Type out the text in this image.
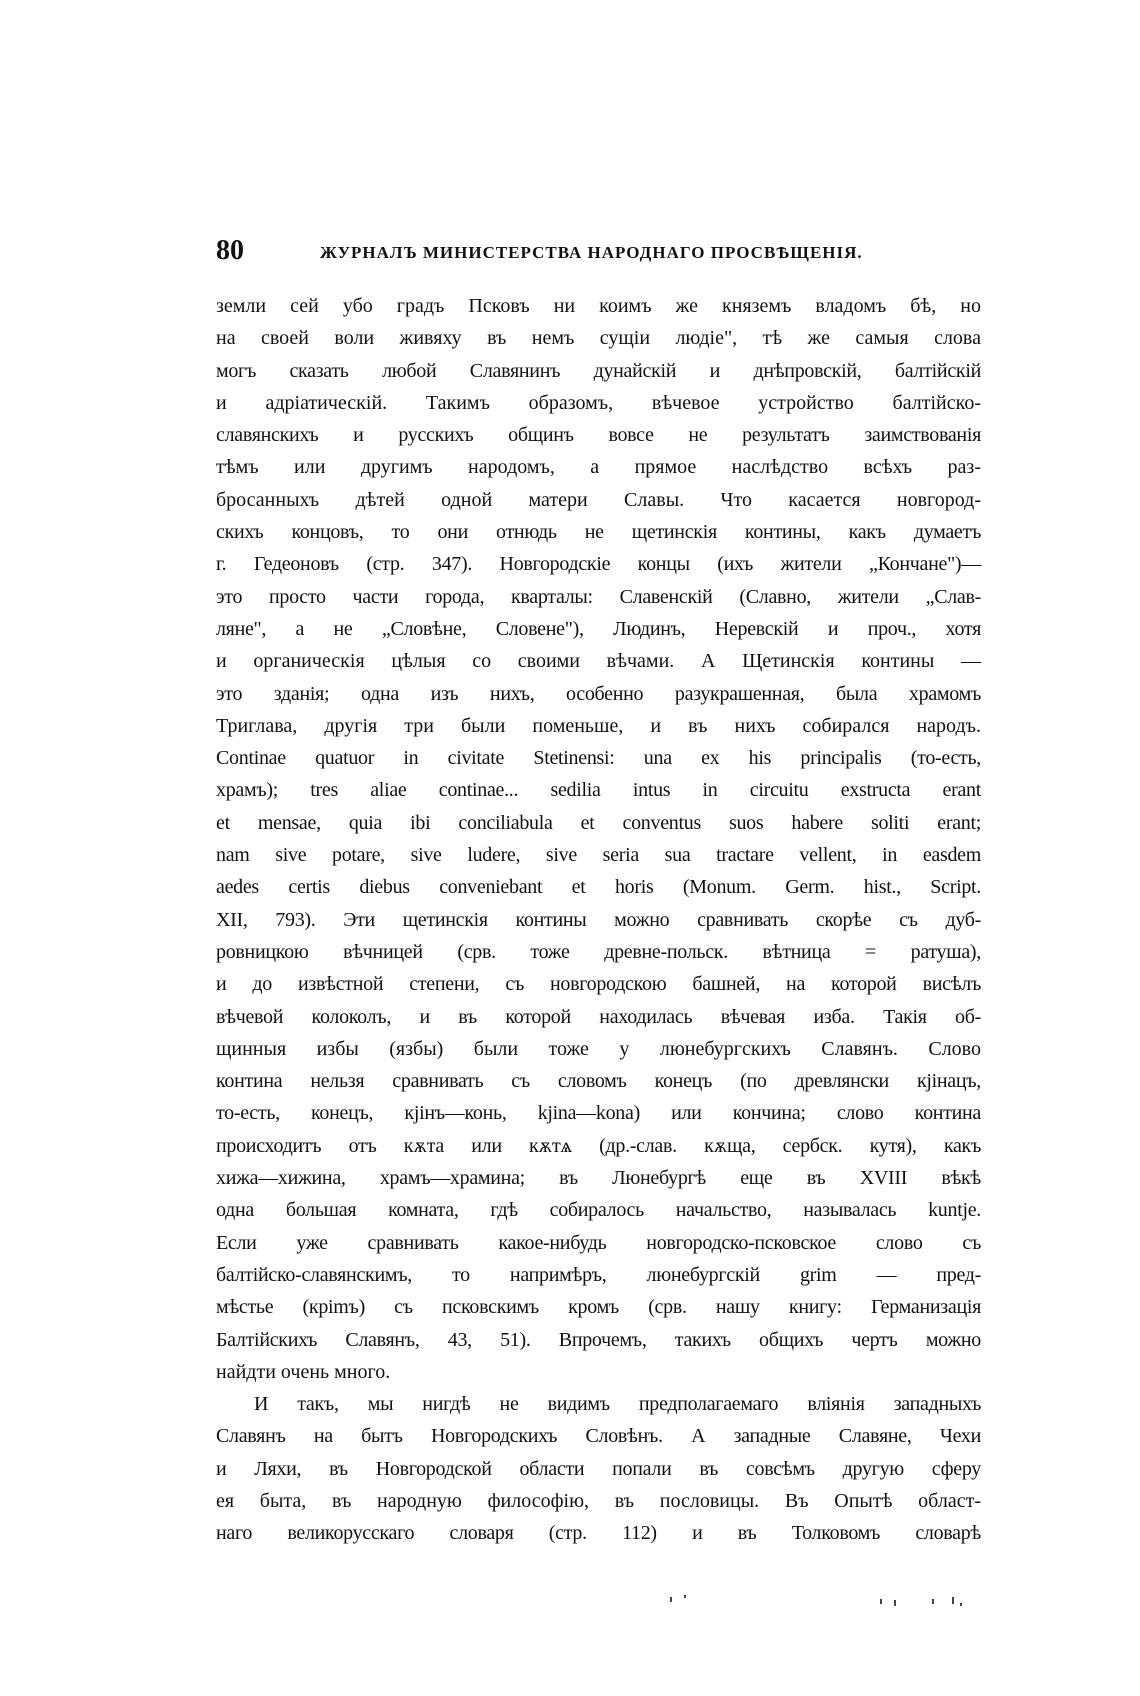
80	ЖУРНАЛЪ МИНИСТЕРСТВА НАРОДНАГО ПРОСВѢЩЕНІЯ.

земли сей убо градъ Псковъ ни коимъ же княземъ владомъ бѣ, но

на своей воли живяху въ немъ сущіи людіе", тѣ же самыя слова

могъ сказать любой Славянинъ дунайскій и днѣпровскій, балтійскій

и адріатическій. Такимъ образомъ, вѣчевое устройство балтійско-

славянскихъ и русскихъ общинъ вовсе не результатъ заимствованія

тѣмъ или другимъ народомъ, а прямое наслѣдство всѣхъ раз-

бросанныхъ дѣтей одной матери Славы. Что касается новгород-

скихъ концовъ, то они отнюдь не щетинскія контины, какъ думаетъ

г. Гедеоновъ (стр. 347). Новгородскіе концы (ихъ жители „Кончане")—

это просто части города, кварталы: Славенскій (Славно, жители „Слав-

ляне", а не „Словѣне, Словене"), Людинъ, Неревскій и проч., хотя

и органическія цѣлыя со своими вѣчами. А Щетинскія контины —

это зданія; одна изъ нихъ, особенно разукрашенная, была храмомъ

Триглава, другія три были поменьше, и въ нихъ собирался народъ.

Continae quatuor in civitate Stetinensi: una ex his principalis (то-есть,

храмъ); tres aliae continae... sedilia intus in circuitu exstructa erant

et mensae, quia ibi conciliabula et conventus suos habere soliti erant;

nam sive potare, sive ludere, sive seria sua tractare vellent, in easdem

aedes certis diebus conveniebant et horis (Monum. Germ. hist., Script.

XII, 793). Эти щетинскія контины можно сравнивать скорѣе съ дуб-

ровницкою вѣчницей (срв. тоже древне-польск. вѣтница = ратуша),

и до извѣстной степени, съ новгородскою башней, на которой висѣлъ

вѣчевой колоколъ, и въ которой находилась вѣчевая изба. Такія об-

щинныя избы (язбы) были тоже у люнебургскихъ Славянъ. Слово

контина нельзя сравнивать съ словомъ конецъ (по древлянски кјінацъ,

то-есть, конецъ, кјінъ—конь, kjina—kona) или кончина; слово контина

происходитъ отъ кѫта или кѫтѧ (др.-слав. кѫщa, сербск. кутя), какъ

хижа—хижина, храмъ—храмина; въ Люнебургѣ еще въ XVIII вѣкѣ

одна большая комната, гдѣ собиралось начальство, называлась kuntje.

Если уже сравнивать какое-нибудь новгородско-псковское слово съ

балтійско-славянскимъ, то напримѣръ, люнебургскій grim — пред-

мѣстье (кріmъ) съ псковскимъ кромъ (срв. нашу книгу: Германизація

Балтійскихъ Славянъ, 43, 51). Впрочемъ, такихъ общихъ чертъ можно

найдти очень много.

И такъ, мы нигдѣ не видимъ предполагаемаго вліянія западныхъ

Славянъ на бытъ Новгородскихъ Словѣнъ. А западные Славяне, Чехи

и Ляхи, въ Новгородской области попали въ совсѣмъ другую сферу

ея быта, въ народную философію, въ пословицы. Въ Опытѣ област-

наго великорусскаго словаря (стр. 112) и въ Толковомъ словарѣ
